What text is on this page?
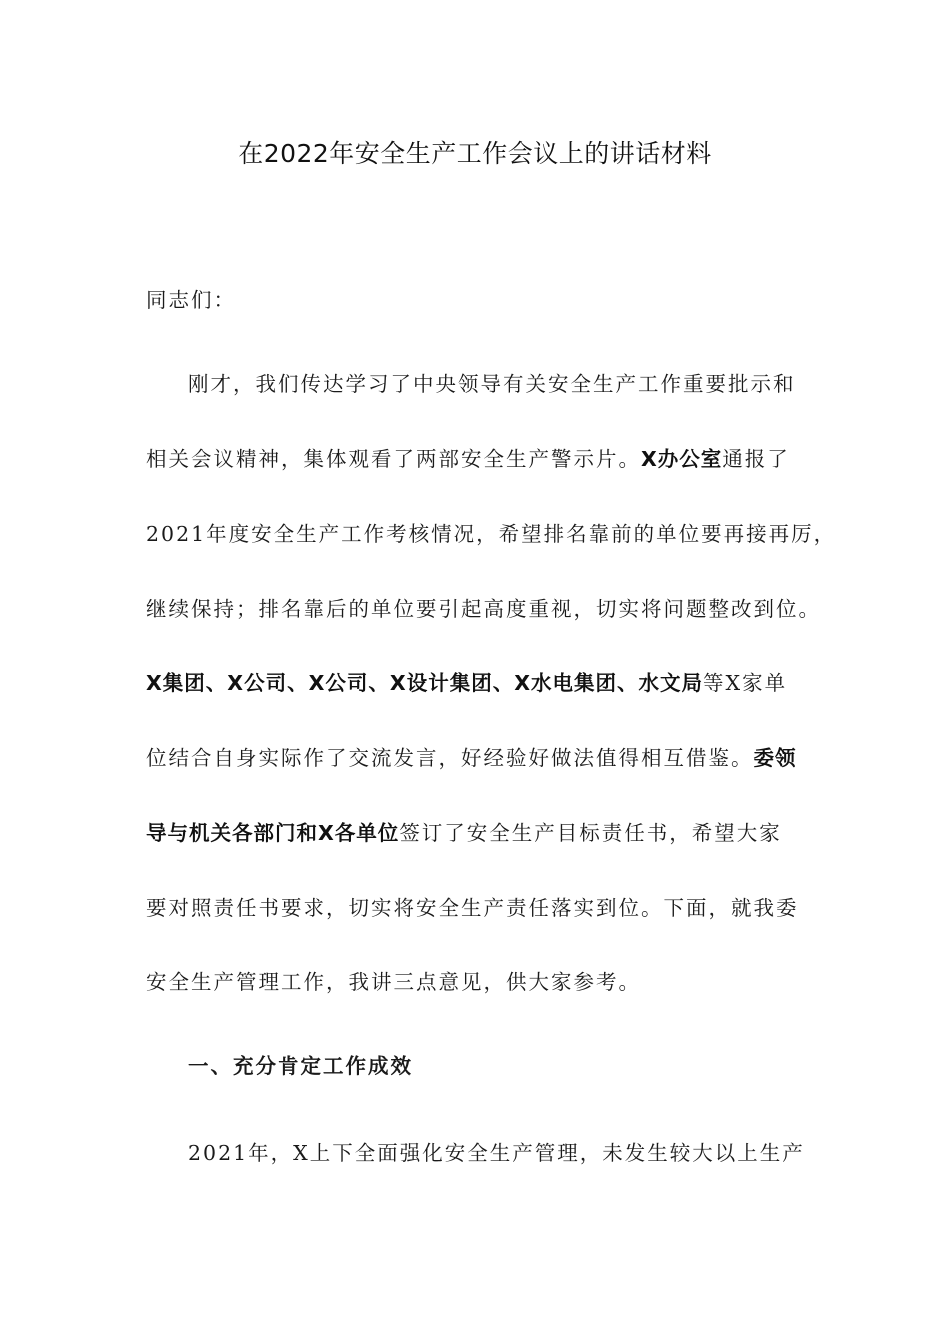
在2022年安全生产工作会议上的讲话材料
同志们：
刚才，我们传达学习了中央领导有关安全生产工作重要批示和
相关会议精神，集体观看了两部安全生产警示片。X办公室通报了
2021年度安全生产工作考核情况，希望排名靠前的单位要再接再厉，
继续保持；排名靠后的单位要引起高度重视，切实将问题整改到位。
X集团、X公司、X公司、X设计集团、X水电集团、水文局等X家单
位结合自身实际作了交流发言，好经验好做法值得相互借鉴。委领
导与机关各部门和X各单位签订了安全生产目标责任书，希望大家
要对照责任书要求，切实将安全生产责任落实到位。下面，就我委
安全生产管理工作，我讲三点意见，供大家参考。
一、充分肯定工作成效
2021年，X上下全面强化安全生产管理，未发生较大以上生产
